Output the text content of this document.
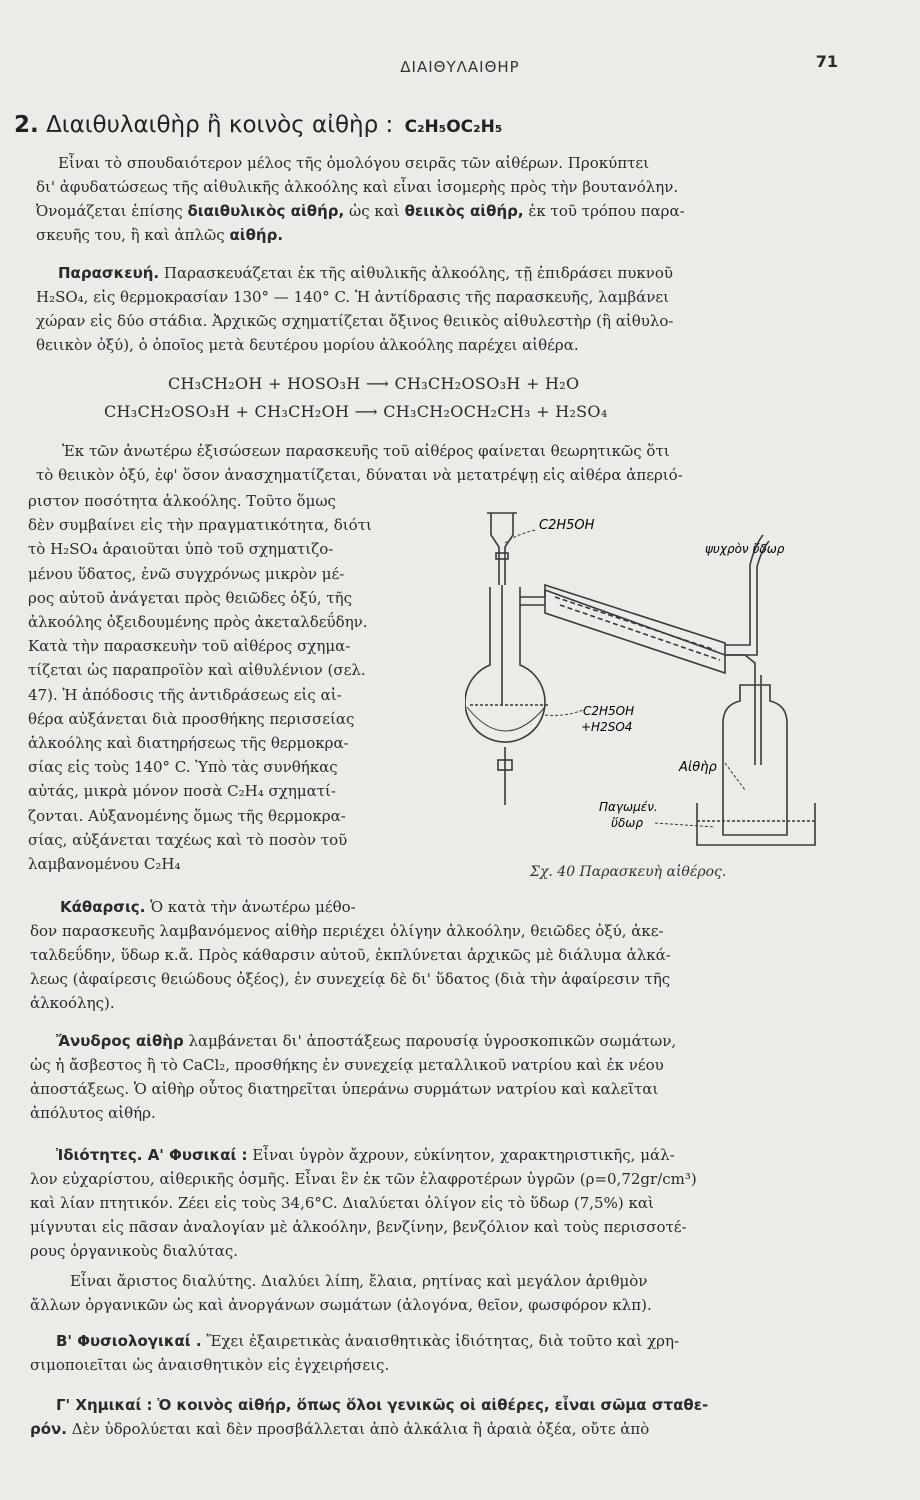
ΔΙΑΙΘΥΛΑΙΘΗΡ	71
2. Διαιθυλαιθὴρ ἢ κοινὸς αἰθὴρ : C₂H₅OC₂H₅
Εἶναι τὸ σπουδαιότερον μέλος τῆς ὁμολόγου σειρᾶς τῶν αἰθέρων. Προκύπτει
δι' ἀφυδατώσεως τῆς αἰθυλικῆς ἀλκοόλης καὶ εἶναι ἰσομερὴς πρὸς τὴν βουτανόλην.
Ὀνομάζεται ἐπίσης διαιθυλικὸς αἰθήρ, ὡς καὶ θειικὸς αἰθήρ, ἐκ τοῦ τρόπου παρα-
σκευῆς του, ἢ καὶ ἁπλῶς αἰθήρ.
Παρασκευή. Παρασκευάζεται ἐκ τῆς αἰθυλικῆς ἀλκοόλης, τῇ ἐπιδράσει πυκνοῦ
H₂SO₄, εἰς θερμοκρασίαν 130° — 140° C. Ἡ ἀντίδρασις τῆς παρασκευῆς, λαμβάνει
χώραν εἰς δύο στάδια. Ἀρχικῶς σχηματίζεται ὄξινος θειικὸς αἰθυλεστὴρ (ἢ αἰθυλο-
θειικὸν ὀξύ), ὁ ὁποῖος μετὰ δευτέρου μορίου ἀλκοόλης παρέχει αἰθέρα.
CH₃CH₂OH + HOSO₃H ⟶ CH₃CH₂OSO₃H + H₂O
CH₃CH₂OSO₃H + CH₃CH₂OH ⟶ CH₃CH₂OCH₂CH₃ + H₂SO₄
Ἐκ τῶν ἀνωτέρω ἐξισώσεων παρασκευῆς τοῦ αἰθέρος φαίνεται θεωρητικῶς ὅτι
τὸ θειικὸν ὀξύ, ἐφ' ὅσον ἀνασχηματίζεται, δύναται νὰ μετατρέψῃ εἰς αἰθέρα ἀπεριό-
ριστον ποσότητα ἀλκοόλης. Τοῦτο ὅμως
δὲν συμβαίνει εἰς τὴν πραγματικότητα, διότι
τὸ H₂SO₄ ἀραιοῦται ὑπὸ τοῦ σχηματιζο-
μένου ὕδατος, ἐνῶ συγχρόνως μικρὸν μέ-
ρος αὐτοῦ ἀνάγεται πρὸς θειῶδες ὀξύ, τῆς
ἀλκοόλης ὀξειδουμένης πρὸς ἀκεταλδεΰδην.
Κατὰ τὴν παρασκευὴν τοῦ αἰθέρος σχημα-
τίζεται ὡς παραπροϊὸν καὶ αἰθυλένιον (σελ.
47). Ἡ ἀπόδοσις τῆς ἀντιδράσεως εἰς αἰ-
θέρα αὐξάνεται διὰ προσθήκης περισσείας
ἀλκοόλης καὶ διατηρήσεως τῆς θερμοκρα-
σίας εἰς τοὺς 140° C. Ὑπὸ τὰς συνθήκας
αὐτάς, μικρὰ μόνον ποσὰ C₂H₄ σχηματί-
ζονται. Αὐξανομένης ὅμως τῆς θερμοκρα-
σίας, αὐξάνεται ταχέως καὶ τὸ ποσὸν τοῦ
λαμβανομένου C₂H₄
C2H5OH
ψυχρὸν ὕδωρ
C2H5OH
+H2SO4
Αἰθὴρ
Παγωμέν.
ὕδωρ
Σχ. 40 Παρασκευὴ αἰθέρος.
Κάθαρσις. Ὁ κατὰ τὴν ἀνωτέρω μέθο-
δον παρασκευῆς λαμβανόμενος αἰθὴρ περιέχει ὀλίγην ἀλκοόλην, θειῶδες ὀξύ, ἀκε-
ταλδεΰδην, ὕδωρ κ.ἄ. Πρὸς κάθαρσιν αὐτοῦ, ἐκπλύνεται ἀρχικῶς μὲ διάλυμα ἀλκά-
λεως (ἀφαίρεσις θειώδους ὀξέος), ἐν συνεχείᾳ δὲ δι' ὕδατος (διὰ τὴν ἀφαίρεσιν τῆς
ἀλκοόλης).
Ἄνυδρος αἰθὴρ λαμβάνεται δι' ἀποστάξεως παρουσίᾳ ὑγροσκοπικῶν σωμάτων,
ὡς ἡ ἄσβεστος ἢ τὸ CaCl₂, προσθήκης ἐν συνεχείᾳ μεταλλικοῦ νατρίου καὶ ἐκ νέου
ἀποστάξεως. Ὁ αἰθὴρ οὗτος διατηρεῖται ὑπεράνω συρμάτων νατρίου καὶ καλεῖται
ἀπόλυτος αἰθήρ.
Ἰδιότητες. Α' Φυσικαί : Εἶναι ὑγρὸν ἄχρουν, εὐκίνητον, χαρακτηριστικῆς, μάλ-
λον εὐχαρίστου, αἰθερικῆς ὀσμῆς. Εἶναι ἓν ἐκ τῶν ἐλαφροτέρων ὑγρῶν (ρ=0,72gr/cm³)
καὶ λίαν πτητικόν. Ζέει εἰς τοὺς 34,6°C. Διαλύεται ὀλίγον εἰς τὸ ὕδωρ (7,5%) καὶ
μίγνυται εἰς πᾶσαν ἀναλογίαν μὲ ἀλκοόλην, βενζίνην, βενζόλιον καὶ τοὺς περισσοτέ-
ρους ὀργανικοὺς διαλύτας.
Εἶναι ἄριστος διαλύτης. Διαλύει λίπη, ἔλαια, ρητίνας καὶ μεγάλον ἀριθμὸν
ἄλλων ὀργανικῶν ὡς καὶ ἀνοργάνων σωμάτων (ἀλογόνα, θεῖον, φωσφόρον κλπ).
Β' Φυσιολογικαί . Ἔχει ἐξαιρετικὰς ἀναισθητικὰς ἰδιότητας, διὰ τοῦτο καὶ χρη-
σιμοποιεῖται ὡς ἀναισθητικὸν εἰς ἐγχειρήσεις.
Γ' Χημικαί : Ὁ κοινὸς αἰθήρ, ὅπως ὅλοι γενικῶς οἱ αἰθέρες, εἶναι σῶμα σταθε-
ρόν. Δὲν ὑδρολύεται καὶ δὲν προσβάλλεται ἀπὸ ἀλκάλια ἢ ἀραιὰ ὀξέα, οὔτε ἀπὸ
